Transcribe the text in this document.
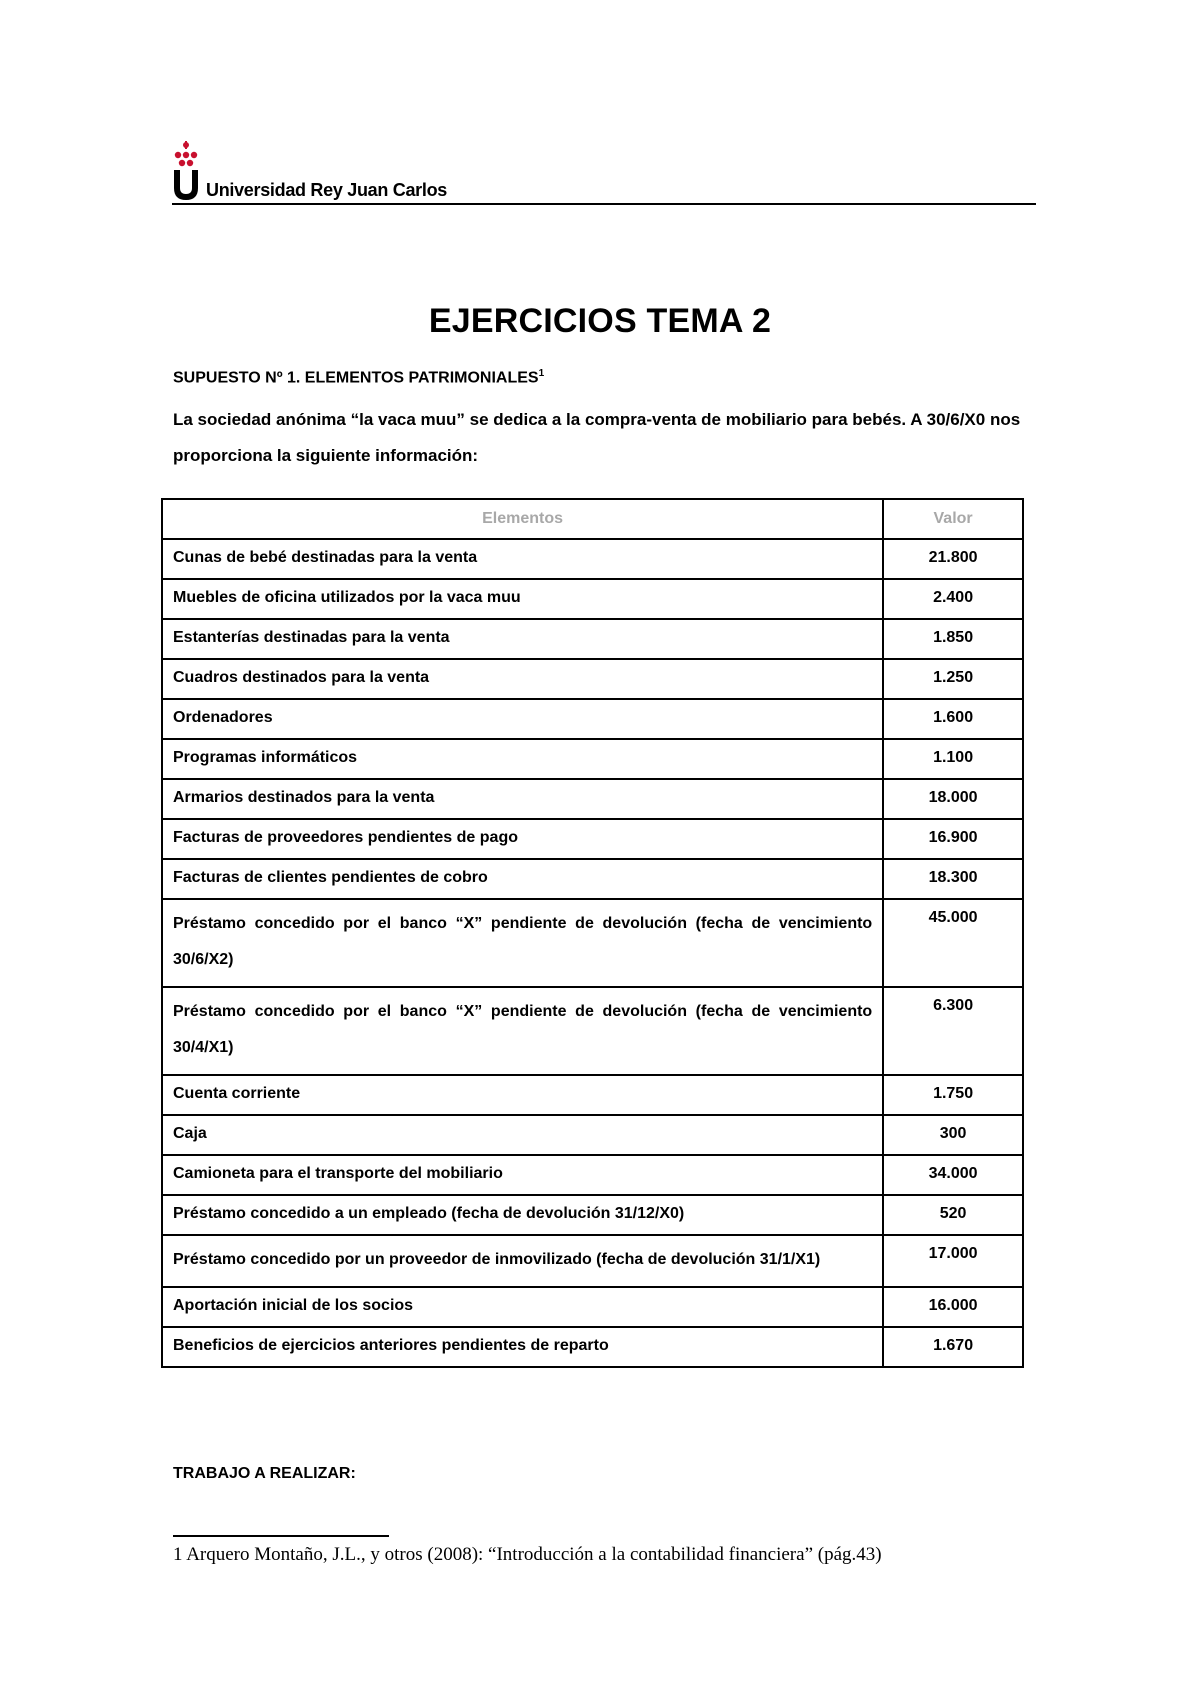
Universidad Rey Juan Carlos
EJERCICIOS TEMA 2
SUPUESTO Nº 1. ELEMENTOS PATRIMONIALES$^1$
La sociedad anónima “la vaca muu” se dedica a la compra-venta de mobiliario para bebés. A 30/6/X0 nos proporciona la siguiente información:
Elementos	Valor
Cunas de bebé destinadas para la venta	21.800
Muebles de oficina utilizados por la vaca muu	2.400
Estanterías destinadas para la venta	1.850
Cuadros destinados para la venta	1.250
Ordenadores	1.600
Programas informáticos	1.100
Armarios destinados para la venta	18.000
Facturas de proveedores pendientes de pago	16.900
Facturas de clientes pendientes de cobro	18.300
Préstamo concedido por el banco “X” pendiente de devolución (fecha de vencimiento 30/6/X2)	45.000
Préstamo concedido por el banco “X” pendiente de devolución (fecha de vencimiento 30/4/X1)	6.300
Cuenta corriente	1.750
Caja	300
Camioneta para el transporte del mobiliario	34.000
Préstamo concedido a un empleado (fecha de devolución 31/12/X0)	520
Préstamo concedido por un proveedor de inmovilizado (fecha de devolución 31/1/X1)	17.000
Aportación inicial de los socios	16.000
Beneficios de ejercicios anteriores pendientes de reparto	1.670
TRABAJO A REALIZAR:
1 Arquero Montaño, J.L., y otros (2008): “Introducción a la contabilidad financiera” (pág.43)
